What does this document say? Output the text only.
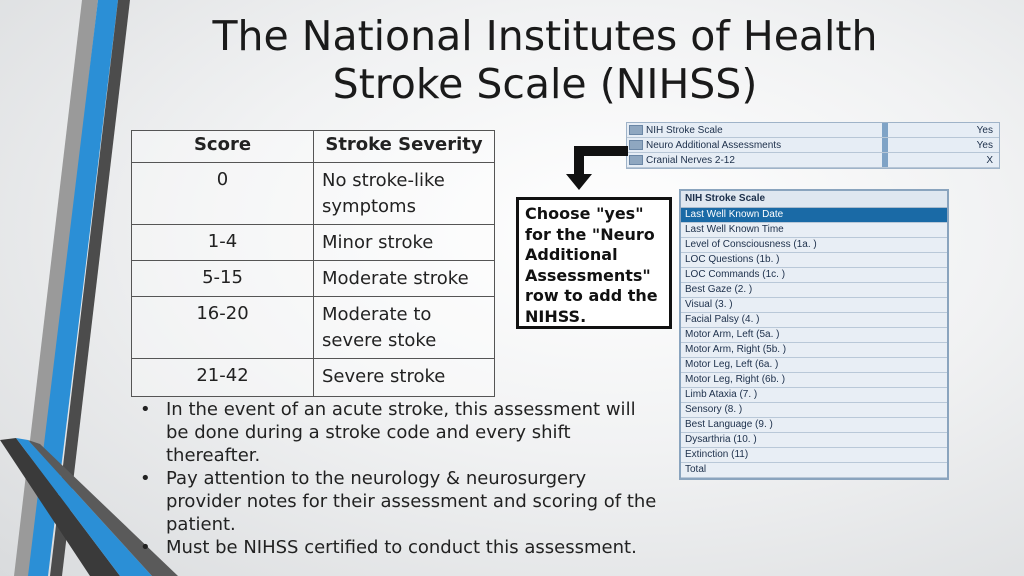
The National Institutes of Health
Stroke Scale (NIHSS)
Score	Stroke Severity
0	No stroke-like symptoms
1-4	Minor stroke
5-15	Moderate stroke
16-20	Moderate to severe stoke
21-42	Severe stroke
• In the event of an acute stroke, this assessment will be done during a stroke code and every shift thereafter.
• Pay attention to the neurology & neurosurgery provider notes for their assessment and scoring of the patient.
• Must be NIHSS certified to conduct this assessment.
NIH Stroke Scale	Yes
Neuro Additional Assessments	Yes
Cranial Nerves 2-12	X
Choose "yes" for the "Neuro Additional Assessments" row to add the NIHSS.
NIH Stroke Scale
Last Well Known Date
Last Well Known Time
Level of Consciousness (1a. )
LOC Questions (1b. )
LOC Commands (1c. )
Best Gaze (2. )
Visual (3. )
Facial Palsy (4. )
Motor Arm, Left (5a. )
Motor Arm, Right (5b. )
Motor Leg, Left (6a. )
Motor Leg, Right (6b. )
Limb Ataxia (7. )
Sensory (8. )
Best Language (9. )
Dysarthria (10. )
Extinction (11)
Total
